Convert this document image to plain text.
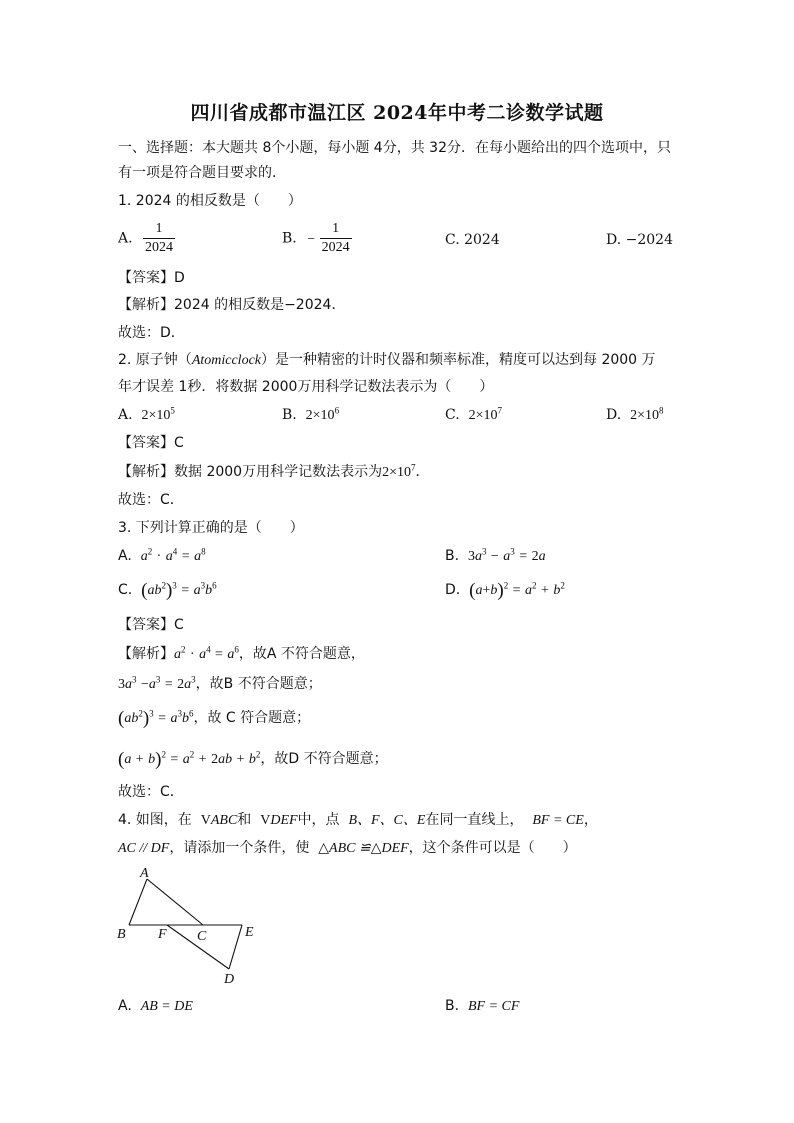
四川省成都市温江区 2024年中考二诊数学试题
一、选择题：本大题共 8个小题，每小题 4分，共 32分．在每小题给出的四个选项中，只
有一项是符合题目要求的．
1. 2024 的相反数是（　　）
A. $\frac{1}{2024}$	B. − $\frac{1}{2024}$	C. 2024	D. −2024
【答案】D
【解析】2024 的相反数是−2024．
故选：D．
2. 原子钟（Atomicclock）是一种精密的计时仪器和频率标准，精度可以达到每 2000 万
年才误差 1秒．将数据 2000万用科学记数法表示为（　　）
A. $2\times 10^5$	B. $2\times 10^6$	C. $2\times 10^7$	D. $2\times 10^8$
【答案】C
【解析】数据 2000万用科学记数法表示为$2\times 10^7$．
故选：C．
3. 下列计算正确的是（　　）
A. $a^2 \cdot a^4 = a^8$	B. $3a^3 - a^3 = 2a$
C. $(ab^2)^3 = a^3b^6$	D. $(a+b)^2 = a^2 + b^2$
【答案】C
【解析】$a^2 \cdot a^4 = a^6$，故A 不符合题意，
$3a^3 -a^3 = 2a^3$，故B 不符合题意；
$(ab^2)^3 = a^3b^6$，故 C 符合题意；
$(a + b)^2 = a^2 + 2ab + b^2$，故D 不符合题意；
故选：C．
4. 如图，在 VABC和 VDEF中，点 B、F、C、E在同一直线上， BF = CE，
AC // DF，请添加一个条件，使 △ABC ≌△DEF，这个条件可以是（　　）
A
B F C	E
D
A. AB = DE	B. BF = CF
